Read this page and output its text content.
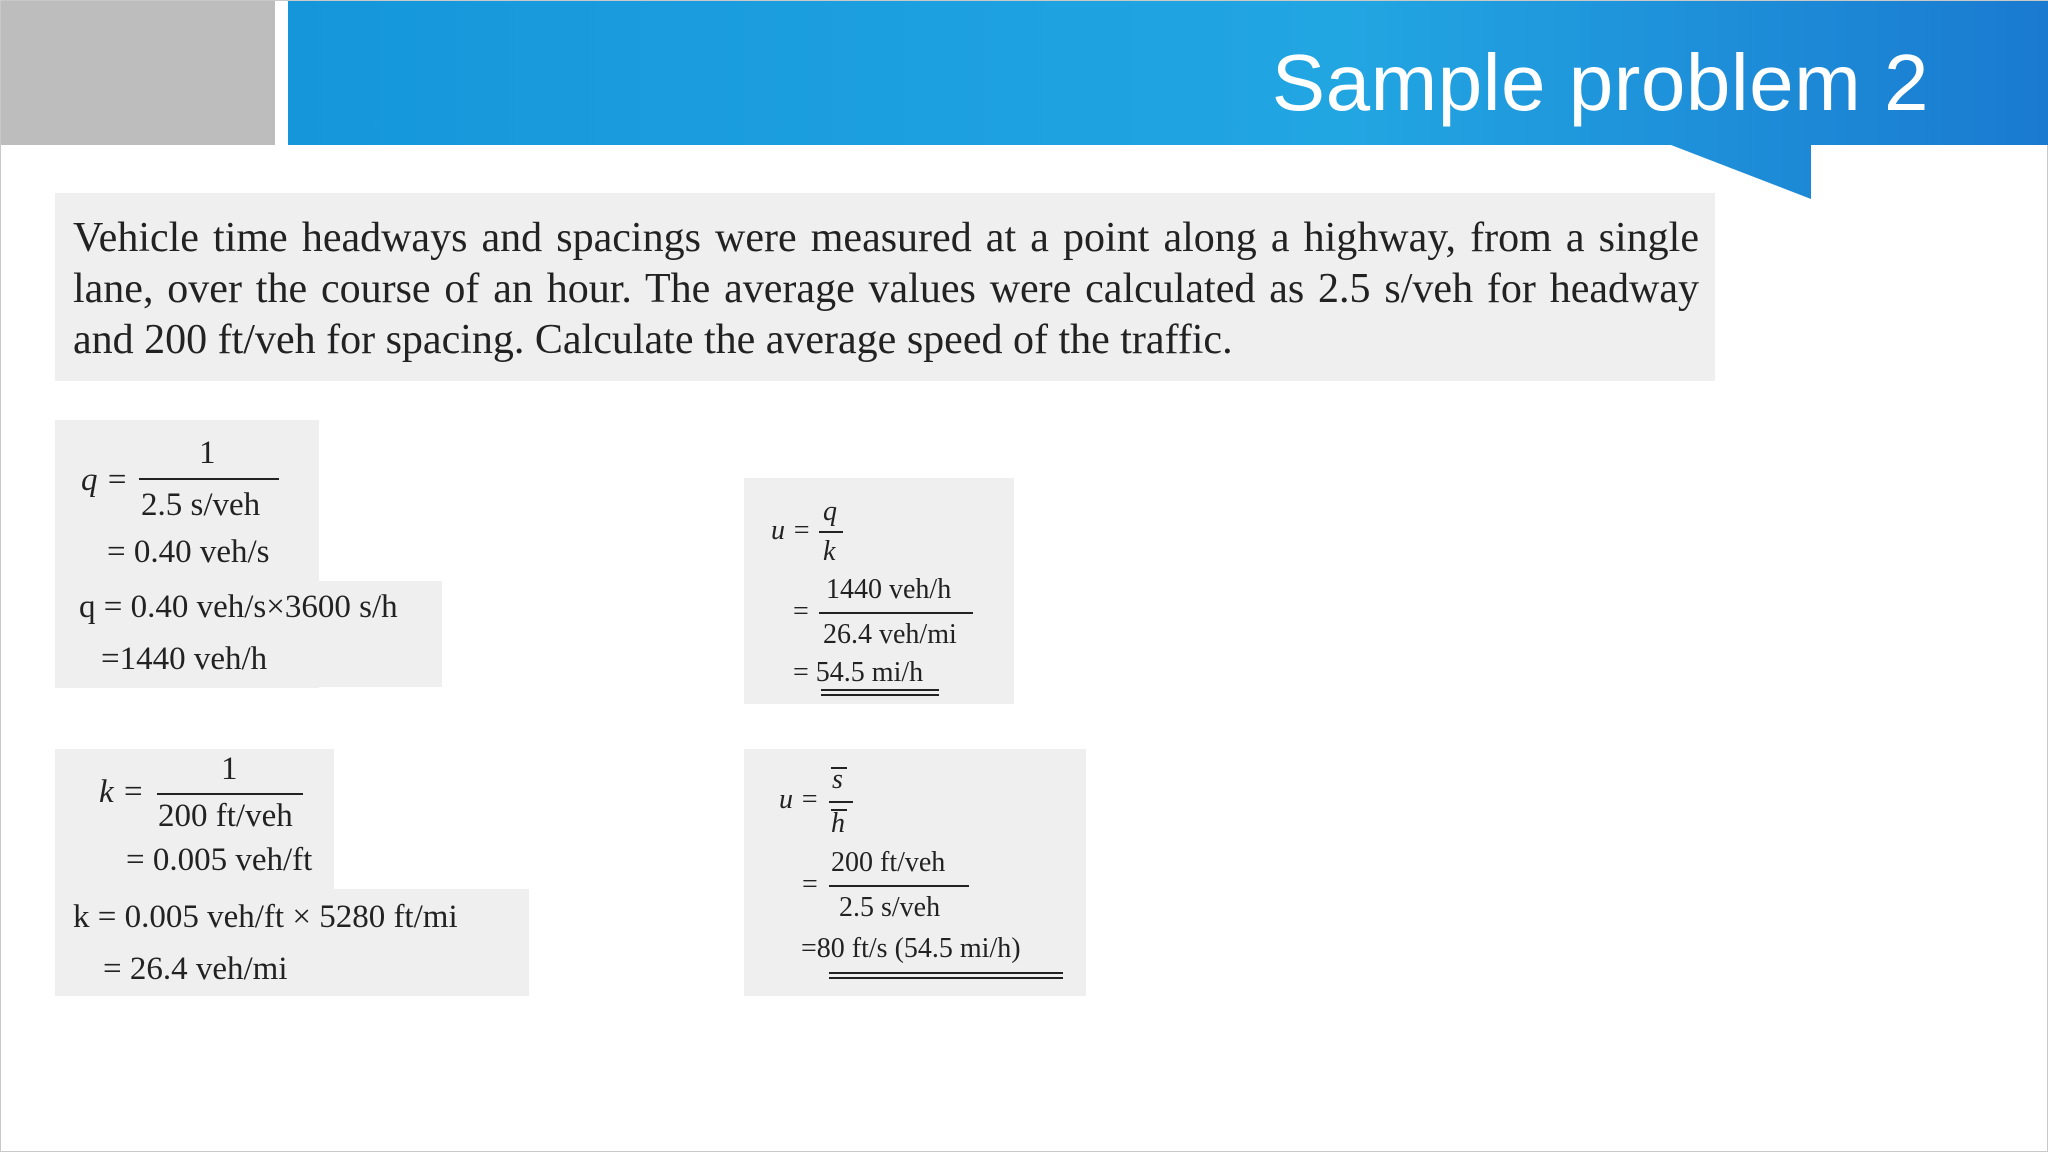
Sample problem 2

Vehicle time headways and spacings were measured at a point along a highway, from a single lane, over the course of an hour. The average values were calculated as 2.5 s/veh for headway and 200 ft/veh for spacing. Calculate the average speed of the traffic.

q =
1
2.5 s/veh
= 0.40 veh/s
q = 0.40 veh/s×3600 s/h
=1440 veh/h
k =
1
200 ft/veh
= 0.005 veh/ft
k = 0.005 veh/ft × 5280 ft/mi
= 26.4 veh/mi
u =
q
k
=
1440 veh/h
26.4 veh/mi
= 54.5 mi/h
u =
s
h
=
200 ft/veh
2.5 s/veh
=80 ft/s (54.5 mi/h)
